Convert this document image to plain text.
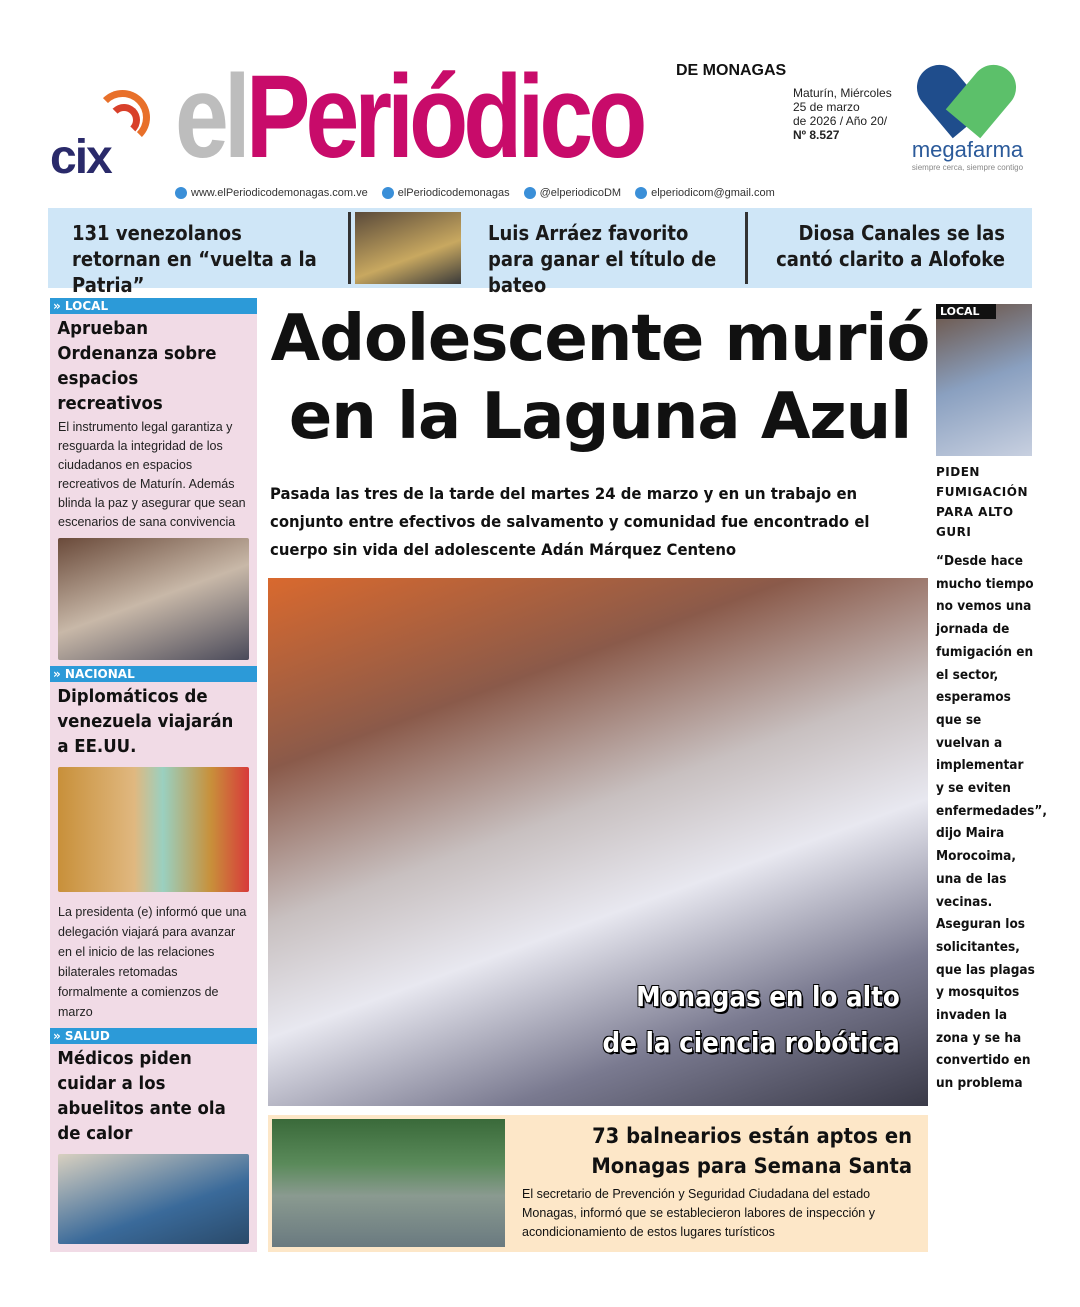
cix elPeriódico DE MONAGAS
Maturín, Miércoles
25 de marzo
de 2026 / Año 20/
Nº 8.527
megafarma
siempre cerca, siempre contigo
www.elPeriodicodemonagas.com.ve	elPeriodicodemonagas	@elperiodicoDM	elperiodicom@gmail.com
131 venezolanos retornan en “vuelta a la Patria”
Luis Arráez favorito para ganar el título de bateo
Diosa Canales se las cantó clarito a Alofoke
» LOCAL
Aprueban Ordenanza sobre espacios recreativos
El instrumento legal garantiza y resguarda la integridad de los ciudadanos en espacios recreativos de Maturín. Además blinda la paz y asegurar que sean escenarios de sana convivencia
» NACIONAL
Diplomáticos de venezuela viajarán a EE.UU.
La presidenta (e) informó que una delegación viajará para avanzar en el inicio de las relaciones bilaterales retomadas formalmente a comienzos de marzo
» SALUD
Médicos piden cuidar a los abuelitos ante ola de calor
Adolescente murió en la Laguna Azul
Pasada las tres de la tarde del martes 24 de marzo y en un trabajo en conjunto entre efectivos de salvamento y comunidad fue encontrado el cuerpo sin vida del adolescente Adán Márquez Centeno
Monagas en lo alto
de la ciencia robótica
73 balnearios están aptos en Monagas para Semana Santa
El secretario de Prevención y Seguridad Ciudadana del estado Monagas, informó que se establecieron labores de inspección y acondicionamiento de estos lugares turísticos
LOCAL
PIDEN FUMIGACIÓN PARA ALTO GURI
“Desde hace mucho tiempo no vemos una jornada de fumigación en el sector, esperamos que se vuelvan a implementar y se eviten enfermedades”, dijo Maira Morocoima, una de las vecinas. Aseguran los solicitantes, que las plagas y mosquitos invaden la zona y se ha convertido en un problema
